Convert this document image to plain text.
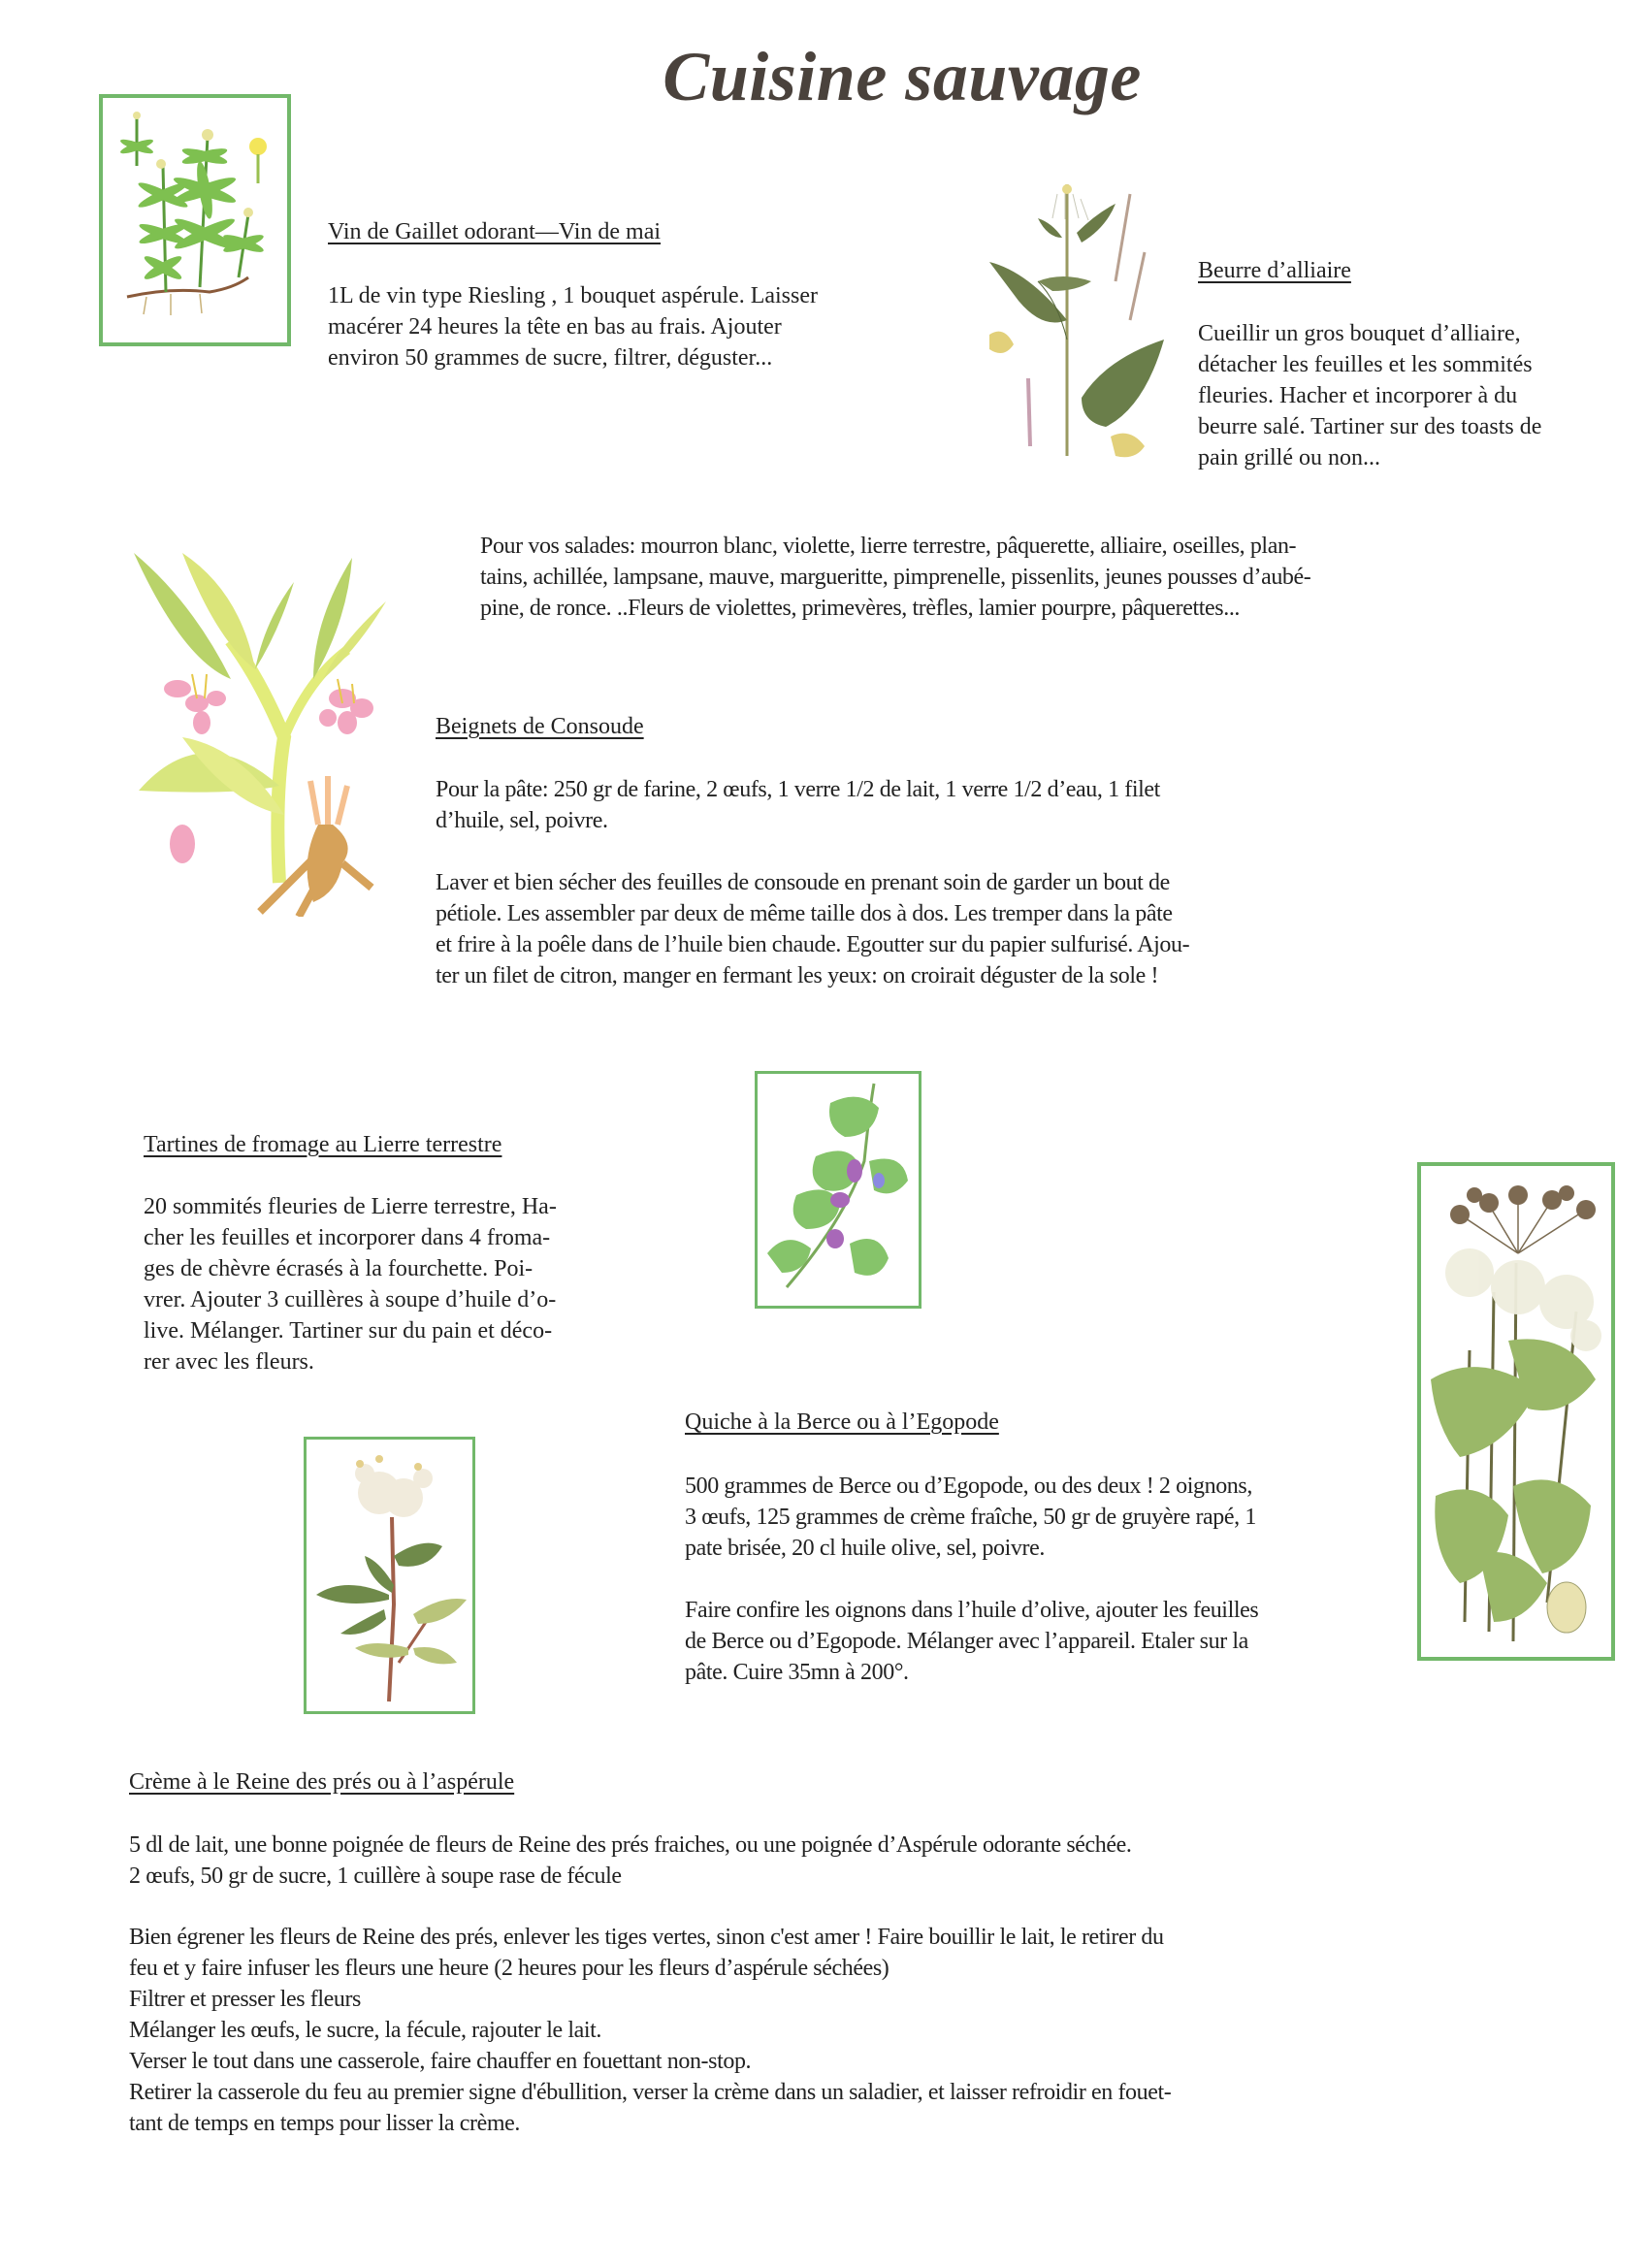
Cuisine sauvage
Vin de Gaillet odorant—Vin de mai
1L de vin type Riesling , 1 bouquet aspérule. Laisser
macérer 24 heures la tête en bas au frais. Ajouter
environ 50 grammes de sucre, filtrer, déguster...
Beurre d’alliaire
Cueillir un gros bouquet d’alliaire,
détacher les feuilles et les sommités
fleuries. Hacher et incorporer à du
beurre salé. Tartiner sur des toasts de
pain grillé ou non...
Pour vos salades: mourron blanc, violette, lierre terrestre, pâquerette, alliaire, oseilles, plan-
tains, achillée, lampsane, mauve, margueritte, pimprenelle, pissenlits, jeunes pousses d’aubé-
pine, de ronce. ..Fleurs de violettes, primevères, trèfles, lamier pourpre, pâquerettes...
Beignets de Consoude
Pour la pâte: 250 gr de farine, 2 œufs, 1 verre 1/2 de lait, 1 verre 1/2 d’eau, 1 filet
d’huile, sel, poivre.
Laver et bien sécher des feuilles de consoude en prenant soin de garder un bout de
pétiole. Les assembler par deux de même taille dos à dos. Les tremper dans la pâte
et frire à la poêle dans de l’huile bien chaude. Egoutter sur du papier sulfurisé. Ajou-
ter un filet de citron, manger en fermant les yeux: on croirait déguster de la sole !
Tartines de fromage au Lierre terrestre
20 sommités fleuries de Lierre terrestre, Ha-
cher les feuilles et incorporer dans 4 froma-
ges de chèvre écrasés à la fourchette. Poi-
vrer. Ajouter 3 cuillères à soupe d’huile d’o-
live. Mélanger. Tartiner sur du pain et déco-
rer avec les fleurs.
Quiche à la Berce ou à l’Egopode
500 grammes de Berce ou d’Egopode, ou des deux ! 2 oignons,
3 œufs, 125 grammes de crème fraîche, 50 gr de gruyère rapé, 1
pate brisée, 20 cl huile olive, sel, poivre.
Faire confire les oignons dans l’huile d’olive, ajouter les feuilles
de Berce ou d’Egopode. Mélanger avec l’appareil. Etaler sur la
pâte. Cuire 35mn à 200°.
Crème à le Reine des prés ou à l’aspérule
5 dl de lait, une bonne poignée de fleurs de Reine des prés fraiches, ou une poignée d’Aspérule odorante séchée.
2 œufs, 50 gr de sucre, 1 cuillère à soupe rase de fécule
Bien égrener les fleurs de Reine des prés, enlever les tiges vertes, sinon c'est amer ! Faire bouillir le lait, le retirer du
feu et y faire infuser les fleurs une heure (2 heures pour les fleurs d’aspérule séchées)
Filtrer et presser les fleurs
Mélanger les œufs, le sucre, la fécule, rajouter le lait.
Verser le tout dans une casserole, faire chauffer en fouettant non-stop.
Retirer la casserole du feu au premier signe d'ébullition, verser la crème dans un saladier, et laisser refroidir en fouet-
tant de temps en temps pour lisser la crème.
